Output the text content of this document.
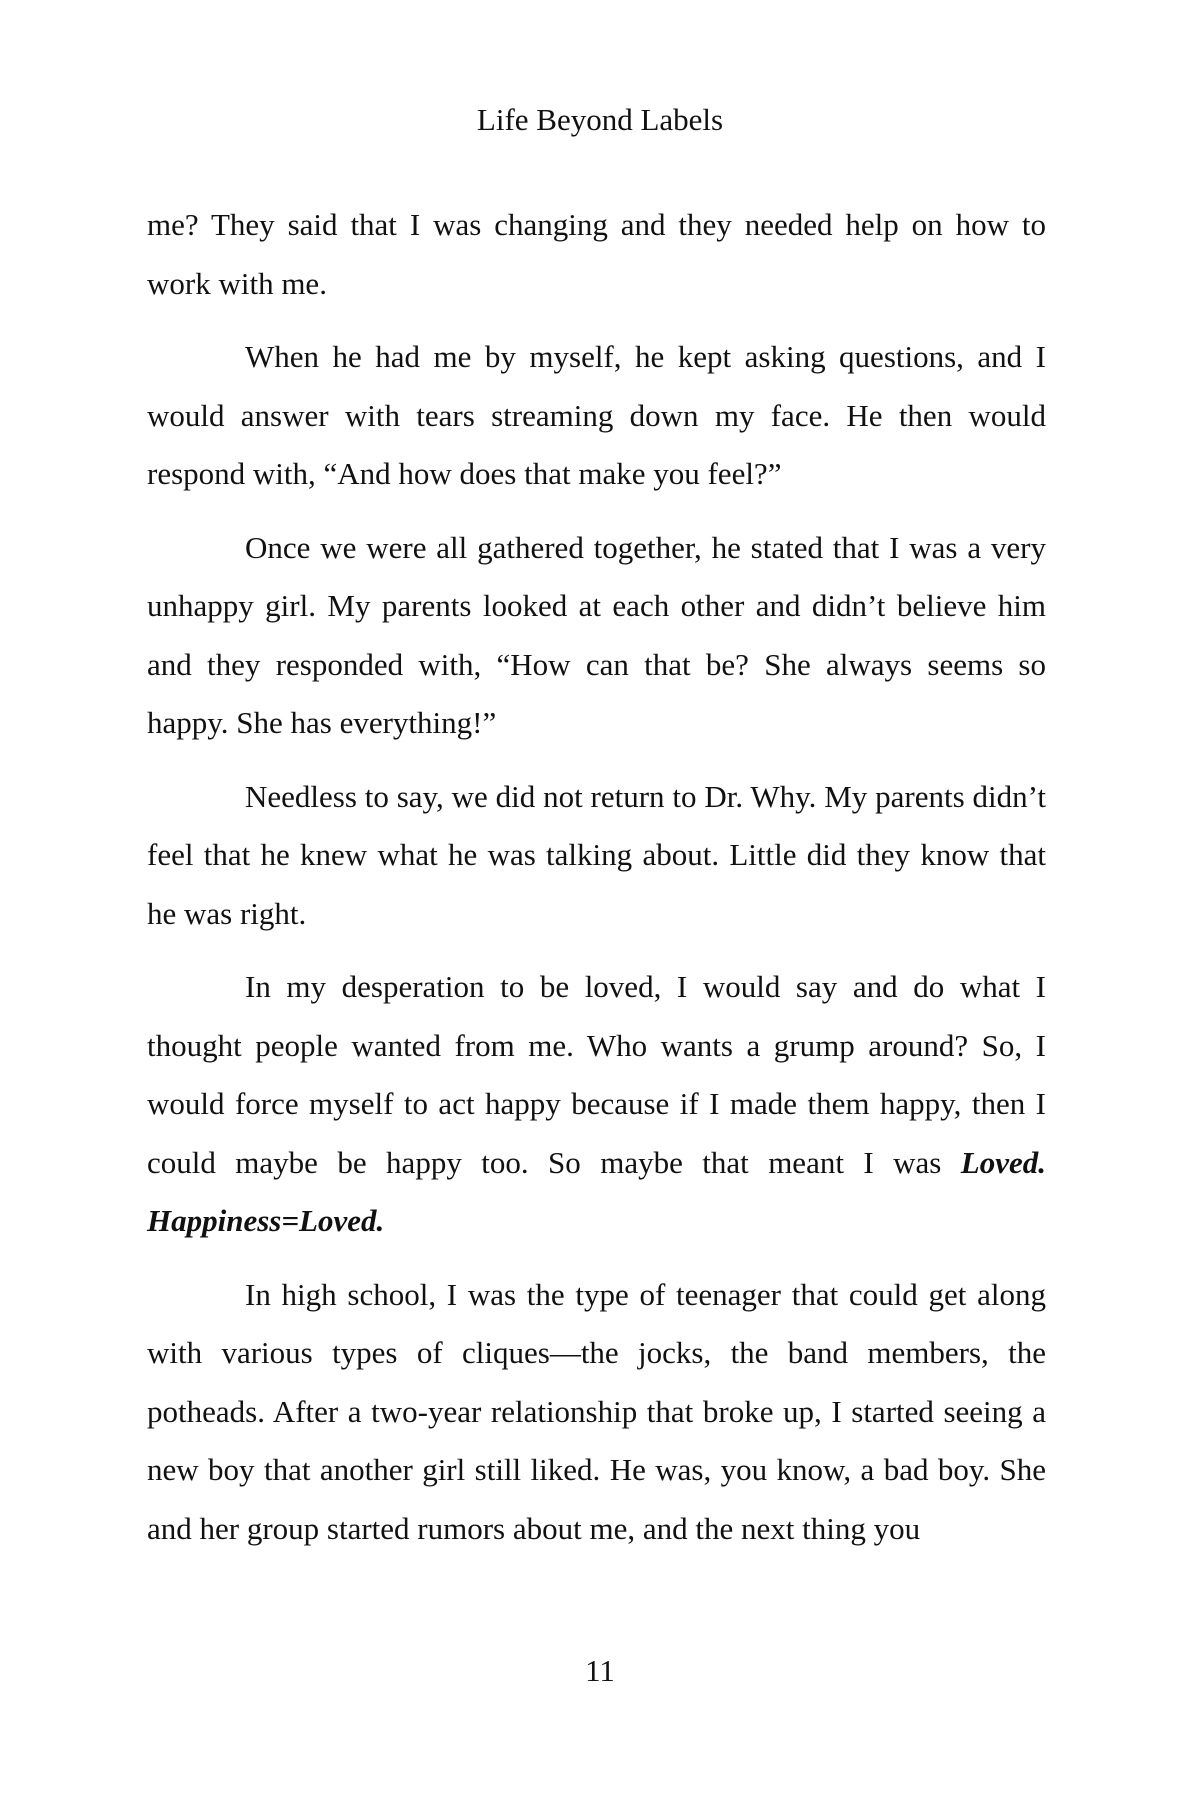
Life Beyond Labels

me? They said that I was changing and they needed help on how to work with me.

When he had me by myself, he kept asking questions, and I would answer with tears streaming down my face. He then would respond with, “And how does that make you feel?”

Once we were all gathered together, he stated that I was a very unhappy girl. My parents looked at each other and didn’t believe him and they responded with, “How can that be? She always seems so happy. She has everything!”

Needless to say, we did not return to Dr. Why. My parents didn’t feel that he knew what he was talking about. Little did they know that he was right.

In my desperation to be loved, I would say and do what I thought people wanted from me. Who wants a grump around? So, I would force myself to act happy because if I made them happy, then I could maybe be happy too. So maybe that meant I was Loved. Happiness=Loved.

In high school, I was the type of teenager that could get along with various types of cliques—the jocks, the band members, the potheads. After a two-year relationship that broke up, I started seeing a new boy that another girl still liked. He was, you know, a bad boy. She and her group started rumors about me, and the next thing you

11
